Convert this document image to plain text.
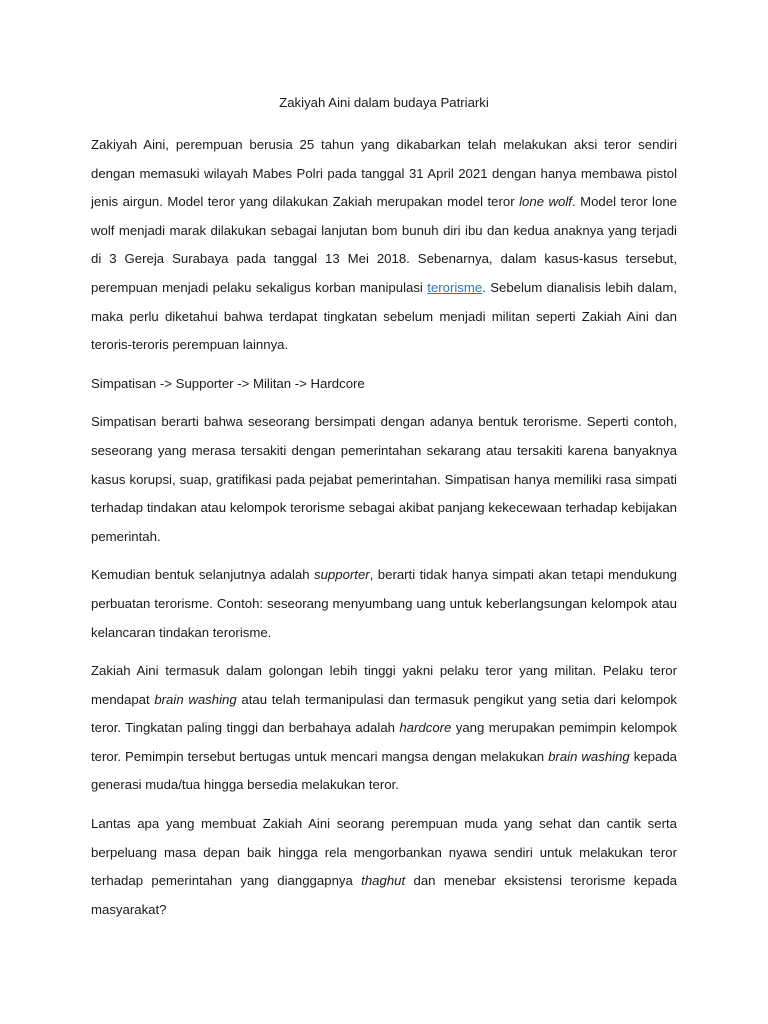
Zakiyah Aini dalam budaya Patriarki

Zakiyah Aini, perempuan berusia 25 tahun yang dikabarkan telah melakukan aksi teror sendiri dengan memasuki wilayah Mabes Polri pada tanggal 31 April 2021 dengan hanya membawa pistol jenis airgun. Model teror yang dilakukan Zakiah merupakan model teror lone wolf. Model teror lone wolf menjadi marak dilakukan sebagai lanjutan bom bunuh diri ibu dan kedua anaknya yang terjadi di 3 Gereja Surabaya pada tanggal 13 Mei 2018. Sebenarnya, dalam kasus-kasus tersebut, perempuan menjadi pelaku sekaligus korban manipulasi terorisme. Sebelum dianalisis lebih dalam, maka perlu diketahui bahwa terdapat tingkatan sebelum menjadi militan seperti Zakiah Aini dan teroris-teroris perempuan lainnya.

Simpatisan -> Supporter -> Militan -> Hardcore

Simpatisan berarti bahwa seseorang bersimpati dengan adanya bentuk terorisme. Seperti contoh, seseorang yang merasa tersakiti dengan pemerintahan sekarang atau tersakiti karena banyaknya kasus korupsi, suap, gratifikasi pada pejabat pemerintahan. Simpatisan hanya memiliki rasa simpati terhadap tindakan atau kelompok terorisme sebagai akibat panjang kekecewaan terhadap kebijakan pemerintah.

Kemudian bentuk selanjutnya adalah supporter, berarti tidak hanya simpati akan tetapi mendukung perbuatan terorisme. Contoh: seseorang menyumbang uang untuk keberlangsungan kelompok atau kelancaran tindakan terorisme.

Zakiah Aini termasuk dalam golongan lebih tinggi yakni pelaku teror yang militan. Pelaku teror mendapat brain washing atau telah termanipulasi dan termasuk pengikut yang setia dari kelompok teror. Tingkatan paling tinggi dan berbahaya adalah hardcore yang merupakan pemimpin kelompok teror. Pemimpin tersebut bertugas untuk mencari mangsa dengan melakukan brain washing kepada generasi muda/tua hingga bersedia melakukan teror.

Lantas apa yang membuat Zakiah Aini seorang perempuan muda yang sehat dan cantik serta berpeluang masa depan baik hingga rela mengorbankan nyawa sendiri untuk melakukan teror terhadap pemerintahan yang dianggapnya thaghut dan menebar eksistensi terorisme kepada masyarakat?
